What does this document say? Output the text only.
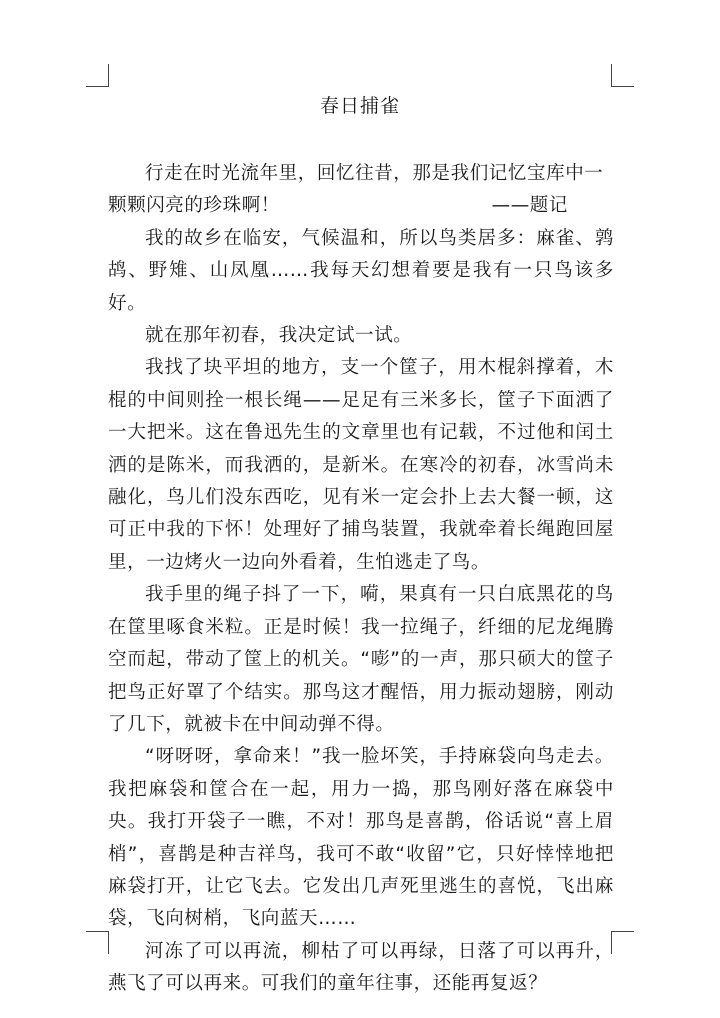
春日捕雀

行走在时光流年里，回忆往昔，那是我们记忆宝库中一

颗颗闪亮的珍珠啊！	——题记

我的故乡在临安，气候温和，所以鸟类居多：麻雀、鹑鸪、野雉、山凤凰……我每天幻想着要是我有一只鸟该多好。

就在那年初春，我决定试一试。

我找了块平坦的地方，支一个筐子，用木棍斜撑着，木棍的中间则拴一根长绳——足足有三米多长，筐子下面洒了一大把米。这在鲁迅先生的文章里也有记载，不过他和闰土洒的是陈米，而我洒的，是新米。在寒冷的初春，冰雪尚未融化，鸟儿们没东西吃，见有米一定会扑上去大餐一顿，这可正中我的下怀！处理好了捕鸟装置，我就牵着长绳跑回屋里，一边烤火一边向外看着，生怕逃走了鸟。

我手里的绳子抖了一下，嗬，果真有一只白底黑花的鸟在筐里啄食米粒。正是时候！我一拉绳子，纤细的尼龙绳腾空而起，带动了筐上的机关。“嘭”的一声，那只硕大的筐子把鸟正好罩了个结实。那鸟这才醒悟，用力振动翅膀，刚动了几下，就被卡在中间动弹不得。

“呀呀呀，拿命来！”我一脸坏笑，手持麻袋向鸟走去。我把麻袋和筐合在一起，用力一捣，那鸟刚好落在麻袋中央。我打开袋子一瞧，不对！那鸟是喜鹊，俗话说“喜上眉梢”，喜鹊是种吉祥鸟，我可不敢“收留”它，只好悻悻地把麻袋打开，让它飞去。它发出几声死里逃生的喜悦，飞出麻袋，飞向树梢，飞向蓝天……

河冻了可以再流，柳枯了可以再绿，日落了可以再升，燕飞了可以再来。可我们的童年往事，还能再复返？
